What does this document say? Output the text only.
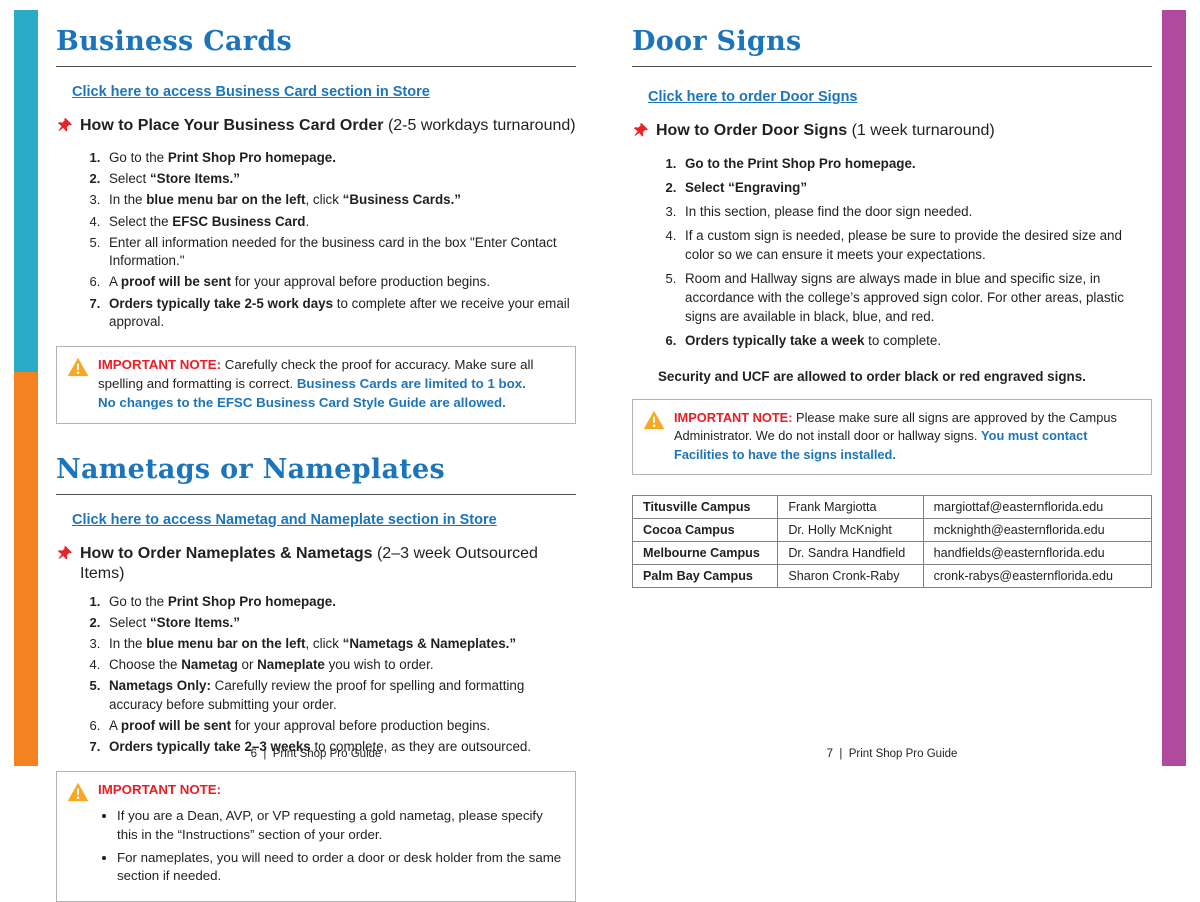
Business Cards
Click here to access Business Card section in Store
How to Place Your Business Card Order (2-5 workdays turnaround)
1. Go to the Print Shop Pro homepage.
2. Select “Store Items.”
3. In the blue menu bar on the left, click “Business Cards.”
4. Select the EFSC Business Card.
5. Enter all information needed for the business card in the box "Enter Contact Information."
6. A proof will be sent for your approval before production begins.
7. Orders typically take 2-5 work days to complete after we receive your email approval.
IMPORTANT NOTE: Carefully check the proof for accuracy. Make sure all spelling and formatting is correct. Business Cards are limited to 1 box.
No changes to the EFSC Business Card Style Guide are allowed.
Nametags or Nameplates
Click here to access Nametag and Nameplate section in Store
How to Order Nameplates & Nametags (2–3 week Outsourced Items)
1. Go to the Print Shop Pro homepage.
2. Select “Store Items.”
3. In the blue menu bar on the left, click “Nametags & Nameplates.”
4. Choose the Nametag or Nameplate you wish to order.
5. Nametags Only: Carefully review the proof for spelling and formatting accuracy before submitting your order.
6. A proof will be sent for your approval before production begins.
7. Orders typically take 2–3 weeks to complete, as they are outsourced.
IMPORTANT NOTE:
• If you are a Dean, AVP, or VP requesting a gold nametag, please specify this in the “Instructions” section of your order.
• For nameplates, you will need to order a door or desk holder from the same section if needed.
Door Signs
Click here to order Door Signs
How to Order Door Signs (1 week turnaround)
1. Go to the Print Shop Pro homepage.
2. Select “Engraving”
3. In this section, please find the door sign needed.
4. If a custom sign is needed, please be sure to provide the desired size and color so we can ensure it meets your expectations.
5. Room and Hallway signs are always made in blue and specific size, in accordance with the college’s approved sign color. For other areas, plastic signs are available in black, blue, and red.
6. Orders typically take a week to complete.
Security and UCF are allowed to order black or red engraved signs.
IMPORTANT NOTE: Please make sure all signs are approved by the Campus Administrator. We do not install door or hallway signs. You must contact Facilities to have the signs installed.
Titusville Campus	Frank Margiotta	margiottaf@easternflorida.edu
Cocoa Campus	Dr. Holly McKnight	mcknighth@easternflorida.edu
Melbourne Campus	Dr. Sandra Handfield	handfields@easternflorida.edu
Palm Bay Campus	Sharon Cronk-Raby	cronk-rabys@easternflorida.edu
6  |  Print Shop Pro Guide	7  |  Print Shop Pro Guide
